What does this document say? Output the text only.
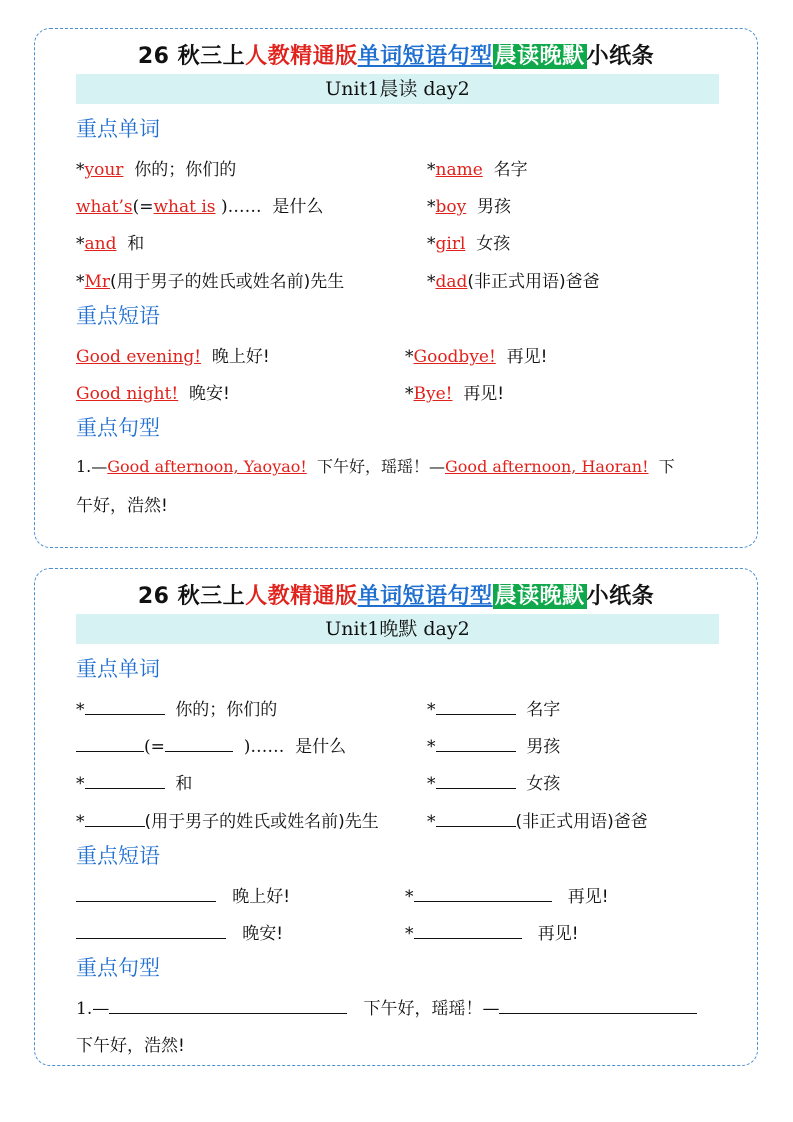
26 秋三上人教精通版单词短语句型晨读晚默小纸条
Unit1晨读 day2
重点单词
*your 你的；你们的	*name 名字
what’s(=what is )…… 是什么	*boy 男孩
*and 和	*girl 女孩
*Mr(用于男子的姓氏或姓名前)先生	*dad(非正式用语)爸爸
重点短语
Good evening! 晚上好!	*Goodbye! 再见!
Good night! 晚安!	*Bye! 再见!
重点句型
1.—Good afternoon, Yaoyao! 下午好，瑶瑶！—Good afternoon, Haoran! 下
午好，浩然!
26 秋三上人教精通版单词短语句型晨读晚默小纸条
Unit1晚默 day2
重点单词
*	你的；你们的	*	名字
(=	)…… 是什么	*	男孩
*	和	*	女孩
*	(用于男子的姓氏或姓名前)先生	*	(非正式用语)爸爸
重点短语
晚上好!	*	再见!
晚安!	*	再见!
重点句型
1.—	下午好，瑶瑶！—
下午好，浩然!
